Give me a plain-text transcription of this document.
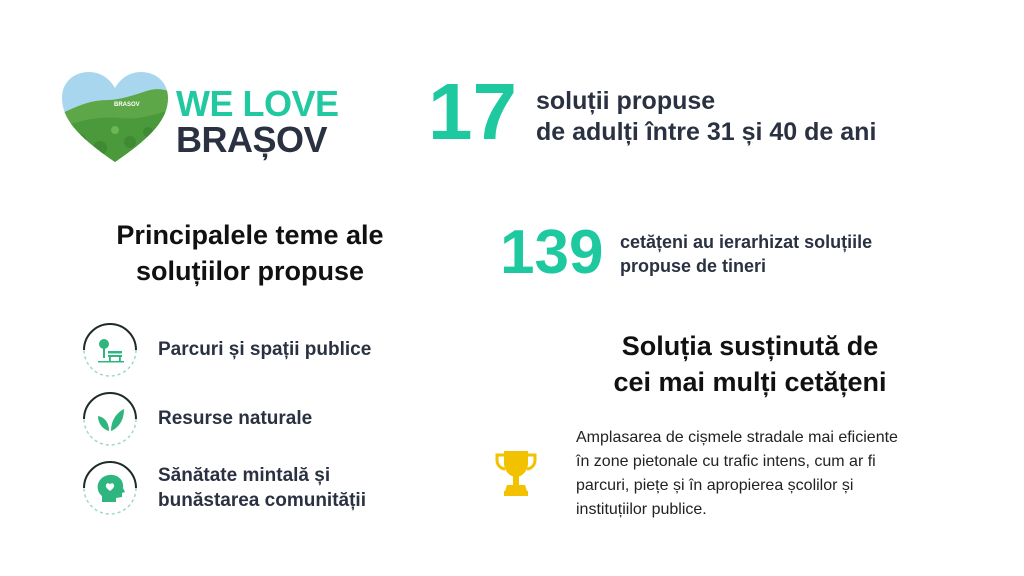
BRASOV WE LOVE
BRAȘOV 17 soluții propuse
de adulți între 31 și 40 de ani
Principalele teme ale
soluțiilor propuse	139 cetățeni au ierarhizat soluțiile
propuse de tineri
Parcuri și spații publice
Resurse naturale
Sănătate mintală și
bunăstarea comunității
Soluția susținută de
cei mai mulți cetățeni
Amplasarea de cișmele stradale mai eficiente
în zone pietonale cu trafic intens, cum ar fi
parcuri, piețe și în apropierea școlilor și
instituțiilor publice.
